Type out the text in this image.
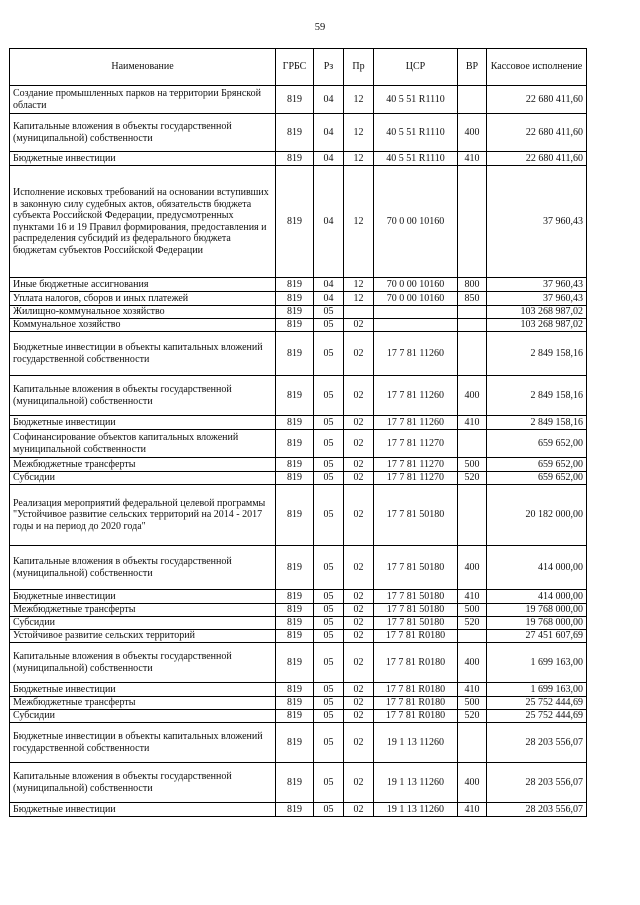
59
Наименование	ГРБС	Рз	Пр	ЦСР	ВР	Кассовое исполнение
Создание промышленных парков на территории Брянской области	819	04	12	40 5 51 R1110		22 680 411,60
Капитальные вложения в объекты государственной (муниципальной) собственности	819	04	12	40 5 51 R1110	400	22 680 411,60
Бюджетные инвестиции	819	04	12	40 5 51 R1110	410	22 680 411,60
Исполнение исковых требований на основании вступивших в законную силу судебных актов, обязательств бюджета субъекта Российской Федерации, предусмотренных пунктами 16 и 19 Правил формирования, предоставления и распределения субсидий из федерального бюджета бюджетам субъектов Российской Федерации	819	04	12	70 0 00 10160		37 960,43
Иные бюджетные ассигнования	819	04	12	70 0 00 10160	800	37 960,43
Уплата налогов, сборов и иных платежей	819	04	12	70 0 00 10160	850	37 960,43
Жилищно-коммунальное хозяйство	819	05				103 268 987,02
Коммунальное хозяйство	819	05	02			103 268 987,02
Бюджетные инвестиции в объекты капитальных вложений государственной собственности	819	05	02	17 7 81 11260		2 849 158,16
Капитальные вложения в объекты государственной (муниципальной) собственности	819	05	02	17 7 81 11260	400	2 849 158,16
Бюджетные инвестиции	819	05	02	17 7 81 11260	410	2 849 158,16
Софинансирование объектов капитальных вложений муниципальной собственности	819	05	02	17 7 81 11270		659 652,00
Межбюджетные трансферты	819	05	02	17 7 81 11270	500	659 652,00
Субсидии	819	05	02	17 7 81 11270	520	659 652,00
Реализация мероприятий федеральной целевой программы "Устойчивое развитие сельских территорий на 2014 - 2017 годы и на период до 2020 года"	819	05	02	17 7 81 50180		20 182 000,00
Капитальные вложения в объекты государственной (муниципальной) собственности	819	05	02	17 7 81 50180	400	414 000,00
Бюджетные инвестиции	819	05	02	17 7 81 50180	410	414 000,00
Межбюджетные трансферты	819	05	02	17 7 81 50180	500	19 768 000,00
Субсидии	819	05	02	17 7 81 50180	520	19 768 000,00
Устойчивое развитие сельских территорий	819	05	02	17 7 81 R0180		27 451 607,69
Капитальные вложения в объекты государственной (муниципальной) собственности	819	05	02	17 7 81 R0180	400	1 699 163,00
Бюджетные инвестиции	819	05	02	17 7 81 R0180	410	1 699 163,00
Межбюджетные трансферты	819	05	02	17 7 81 R0180	500	25 752 444,69
Субсидии	819	05	02	17 7 81 R0180	520	25 752 444,69
Бюджетные инвестиции в объекты капитальных вложений государственной собственности	819	05	02	19 1 13 11260		28 203 556,07
Капитальные вложения в объекты государственной (муниципальной) собственности	819	05	02	19 1 13 11260	400	28 203 556,07
Бюджетные инвестиции	819	05	02	19 1 13 11260	410	28 203 556,07
